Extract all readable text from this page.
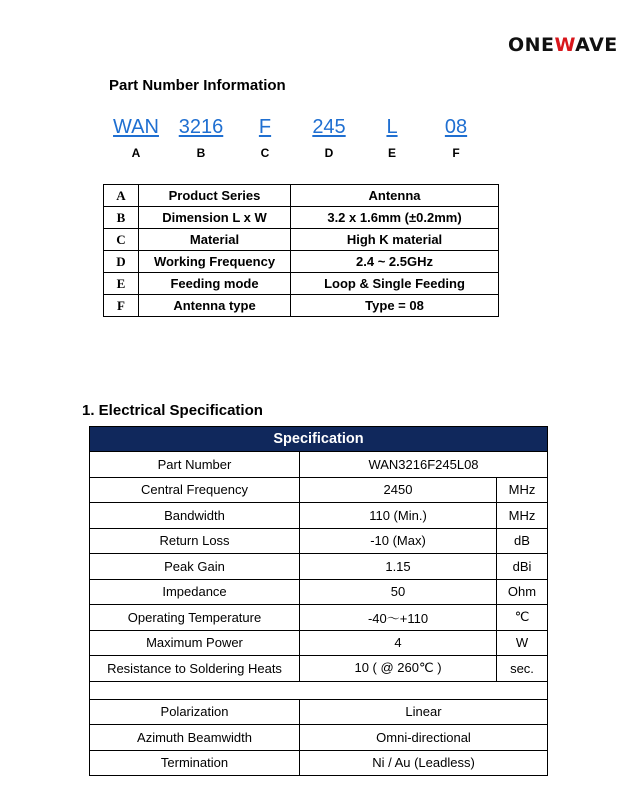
ONEWAVE
Part Number Information
WAN 3216 F 245 L 08
A	B	C	D	E	F
A	Product Series	Antenna
B	Dimension L x W	3.2 x 1.6mm (±0.2mm)
C	Material	High K material
D	Working Frequency	2.4 ~ 2.5GHz
E	Feeding mode	Loop & Single Feeding
F	Antenna type	Type = 08
1. Electrical Specification
Specification		
Part Number	WAN3216F245L08	
Central Frequency	2450	MHz
Bandwidth	110 (Min.)	MHz
Return Loss	-10 (Max)	dB
Peak Gain	1.15	dBi
Impedance	50	Ohm
Operating Temperature	-40～+110	℃
Maximum Power	4	W
Resistance to Soldering Heats	10 ( @ 260℃ )	sec.

Polarization	Linear	
Azimuth Beamwidth	Omni-directional	
Termination	Ni / Au (Leadless)	
